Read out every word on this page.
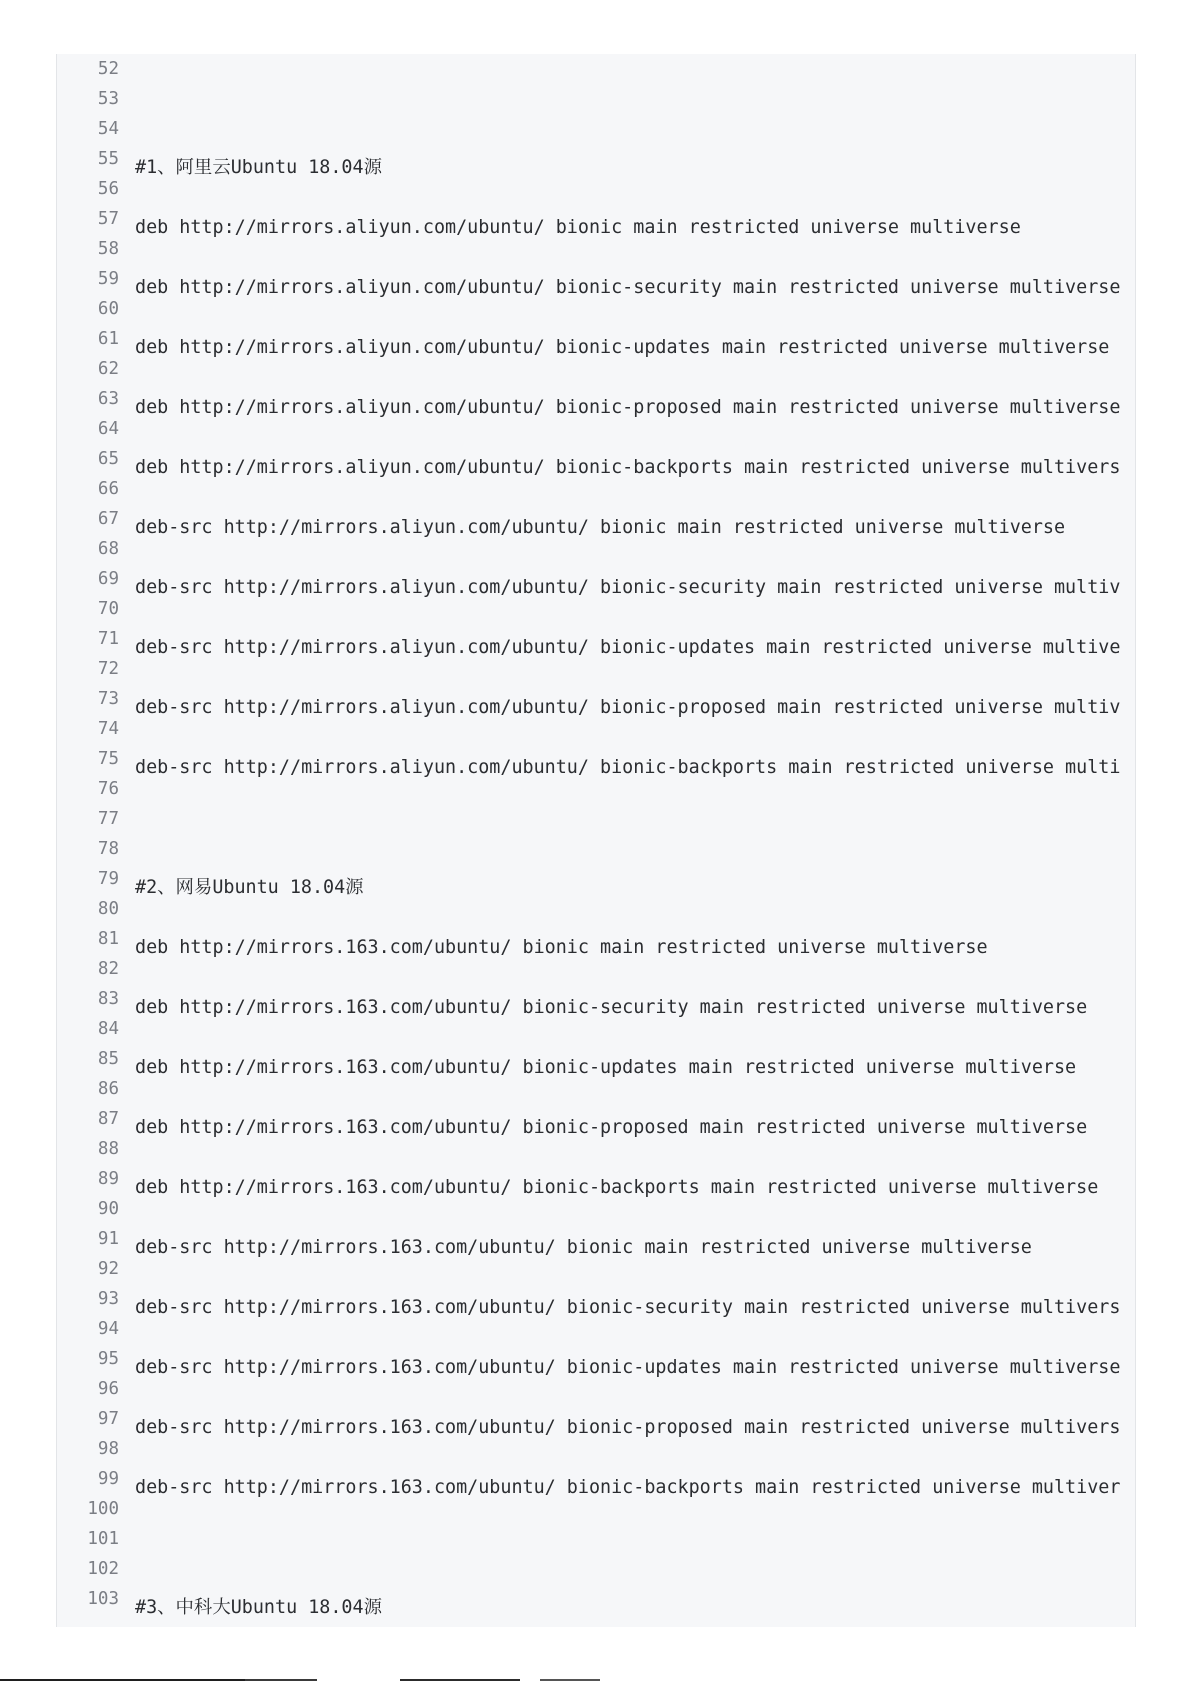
52
53
54
55 #1、阿里云Ubuntu 18.04源
56
57 deb http://mirrors.aliyun.com/ubuntu/ bionic main restricted universe multiverse
58
59 deb http://mirrors.aliyun.com/ubuntu/ bionic-security main restricted universe multiverse
60
61 deb http://mirrors.aliyun.com/ubuntu/ bionic-updates main restricted universe multiverse
62
63 deb http://mirrors.aliyun.com/ubuntu/ bionic-proposed main restricted universe multiverse
64
65 deb http://mirrors.aliyun.com/ubuntu/ bionic-backports main restricted universe multivers
66
67 deb-src http://mirrors.aliyun.com/ubuntu/ bionic main restricted universe multiverse
68
69 deb-src http://mirrors.aliyun.com/ubuntu/ bionic-security main restricted universe multiv
70
71 deb-src http://mirrors.aliyun.com/ubuntu/ bionic-updates main restricted universe multive
72
73 deb-src http://mirrors.aliyun.com/ubuntu/ bionic-proposed main restricted universe multiv
74
75 deb-src http://mirrors.aliyun.com/ubuntu/ bionic-backports main restricted universe multi
76
77
78
79 #2、网易Ubuntu 18.04源
80
81 deb http://mirrors.163.com/ubuntu/ bionic main restricted universe multiverse
82
83 deb http://mirrors.163.com/ubuntu/ bionic-security main restricted universe multiverse
84
85 deb http://mirrors.163.com/ubuntu/ bionic-updates main restricted universe multiverse
86
87 deb http://mirrors.163.com/ubuntu/ bionic-proposed main restricted universe multiverse
88
89 deb http://mirrors.163.com/ubuntu/ bionic-backports main restricted universe multiverse
90
91 deb-src http://mirrors.163.com/ubuntu/ bionic main restricted universe multiverse
92
93 deb-src http://mirrors.163.com/ubuntu/ bionic-security main restricted universe multivers
94
95 deb-src http://mirrors.163.com/ubuntu/ bionic-updates main restricted universe multiverse
96
97 deb-src http://mirrors.163.com/ubuntu/ bionic-proposed main restricted universe multivers
98
99 deb-src http://mirrors.163.com/ubuntu/ bionic-backports main restricted universe multiver
100
101
102
103 #3、中科大Ubuntu 18.04源
